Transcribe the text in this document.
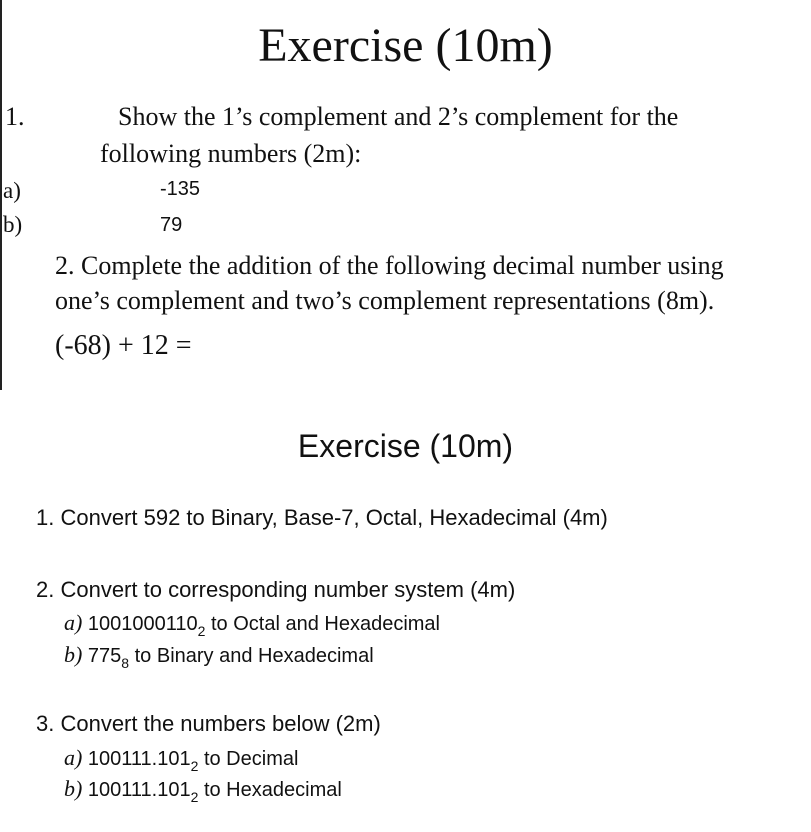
Exercise (10m)
1.	Show the 1’s complement and 2’s complement for the
following numbers (2m):
a)	-135
b)	79
2. Complete the addition of the following decimal number using
one’s complement and two’s complement representations (8m).
(-68) + 12 =
Exercise (10m)
1. Convert 592 to Binary, Base-7, Octal, Hexadecimal (4m)
2. Convert to corresponding number system (4m)
a) $1001000110_2$ to Octal and Hexadecimal
b) $775_8$ to Binary and Hexadecimal
3. Convert the numbers below (2m)
a) $100111.101_2$ to Decimal
b) $100111.101_2$ to Hexadecimal
